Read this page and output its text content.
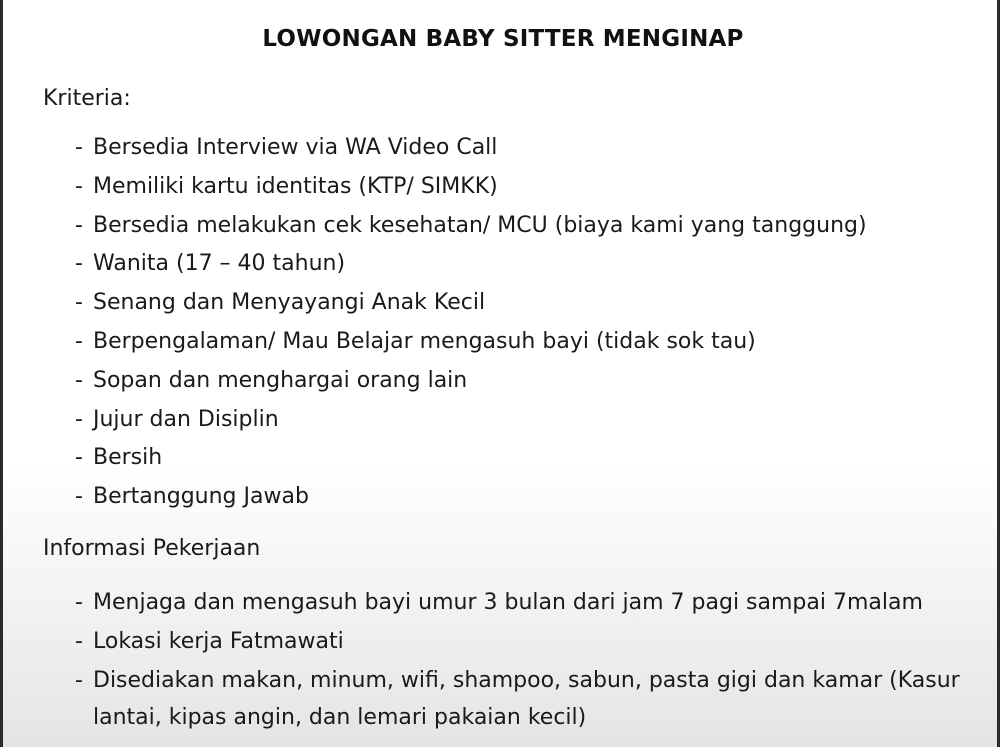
LOWONGAN BABY SITTER MENGINAP
Kriteria:
- Bersedia Interview via WA Video Call
- Memiliki kartu identitas (KTP/ SIMKK)
- Bersedia melakukan cek kesehatan/ MCU (biaya kami yang tanggung)
- Wanita (17 – 40 tahun)
- Senang dan Menyayangi Anak Kecil
- Berpengalaman/ Mau Belajar mengasuh bayi (tidak sok tau)
- Sopan dan menghargai orang lain
- Jujur dan Disiplin
- Bersih
- Bertanggung Jawab
Informasi Pekerjaan
- Menjaga dan mengasuh bayi umur 3 bulan dari jam 7 pagi sampai 7malam
- Lokasi kerja Fatmawati
- Disediakan makan, minum, wifi, shampoo, sabun, pasta gigi dan kamar (Kasur lantai, kipas angin, dan lemari pakaian kecil)
